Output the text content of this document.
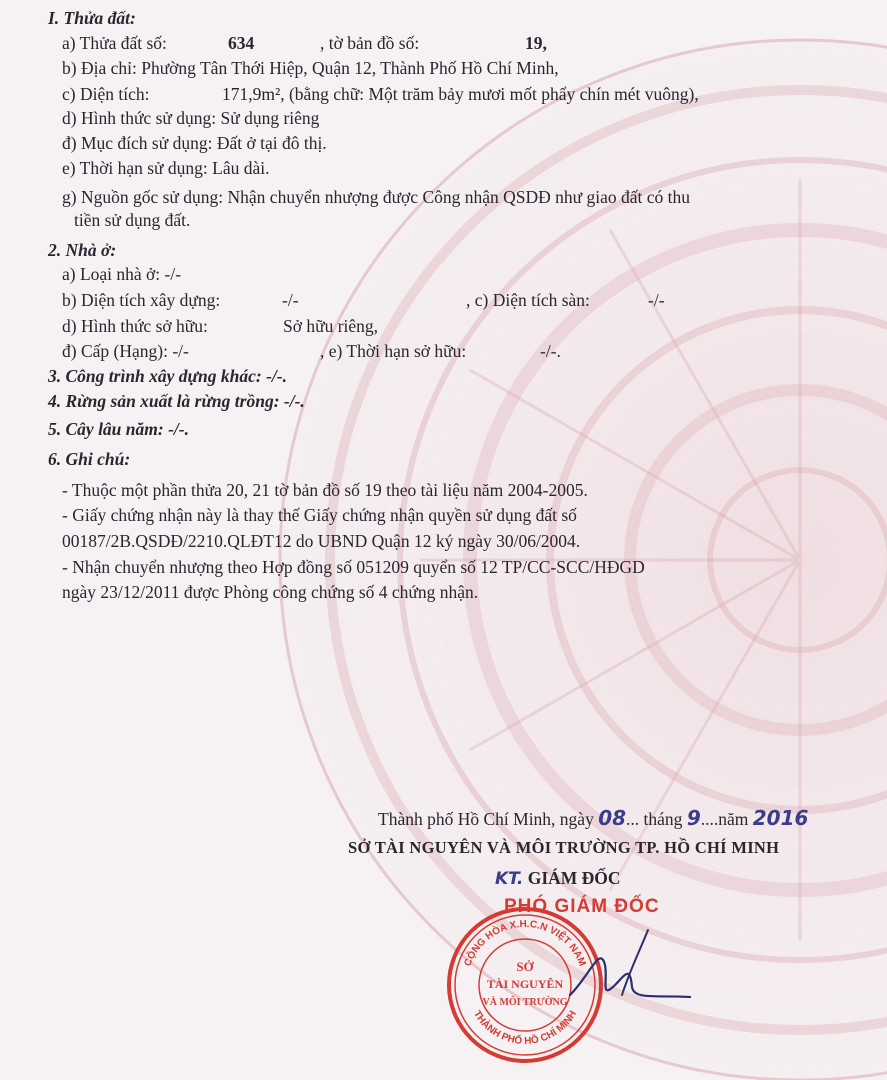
I. Thửa đất:
a) Thửa đất số:	634	, tờ bản đồ số:	19,
b) Địa chỉ: Phường Tân Thới Hiệp, Quận 12, Thành Phố Hồ Chí Minh,
c) Diện tích:	171,9m², (bằng chữ: Một trăm bảy mươi mốt phẩy chín mét vuông),
d) Hình thức sử dụng: Sử dụng riêng
đ) Mục đích sử dụng: Đất ở tại đô thị.
e) Thời hạn sử dụng: Lâu dài.
g) Nguồn gốc sử dụng: Nhận chuyển nhượng được Công nhận QSDĐ như giao đất có thu
tiền sử dụng đất.
2. Nhà ở:
a) Loại nhà ở: -/-
b) Diện tích xây dựng:	-/-	, c) Diện tích sàn:	-/-
d) Hình thức sở hữu:	Sở hữu riêng,
đ) Cấp (Hạng): -/-	, e) Thời hạn sở hữu:	-/-.
3. Công trình xây dựng khác: -/-.
4. Rừng sản xuất là rừng trồng: -/-.
5. Cây lâu năm: -/-.
6. Ghi chú:
- Thuộc một phần thửa 20, 21 tờ bản đồ số 19 theo tài liệu năm 2004-2005.
- Giấy chứng nhận này là thay thế Giấy chứng nhận quyền sử dụng đất số
00187/2B.QSDĐ/2210.QLĐT12 do UBND Quận 12 ký ngày 30/06/2004.
- Nhận chuyển nhượng theo Hợp đồng số 051209 quyển số 12 TP/CC-SCC/HĐGD
ngày 23/12/2011 được Phòng công chứng số 4 chứng nhận.
Thành phố Hồ Chí Minh, ngày 08... tháng 9....năm 2016
SỞ TÀI NGUYÊN VÀ MÔI TRƯỜNG TP. HỒ CHÍ MINH
KT. GIÁM ĐỐC
PHÓ GIÁM ĐỐC
CỘNG HÒA X.H.C.N VIỆT NAM
THÀNH PHỐ HỒ CHÍ MINH
SỞ
TÀI NGUYÊN
VÀ MÔI TRƯỜNG
